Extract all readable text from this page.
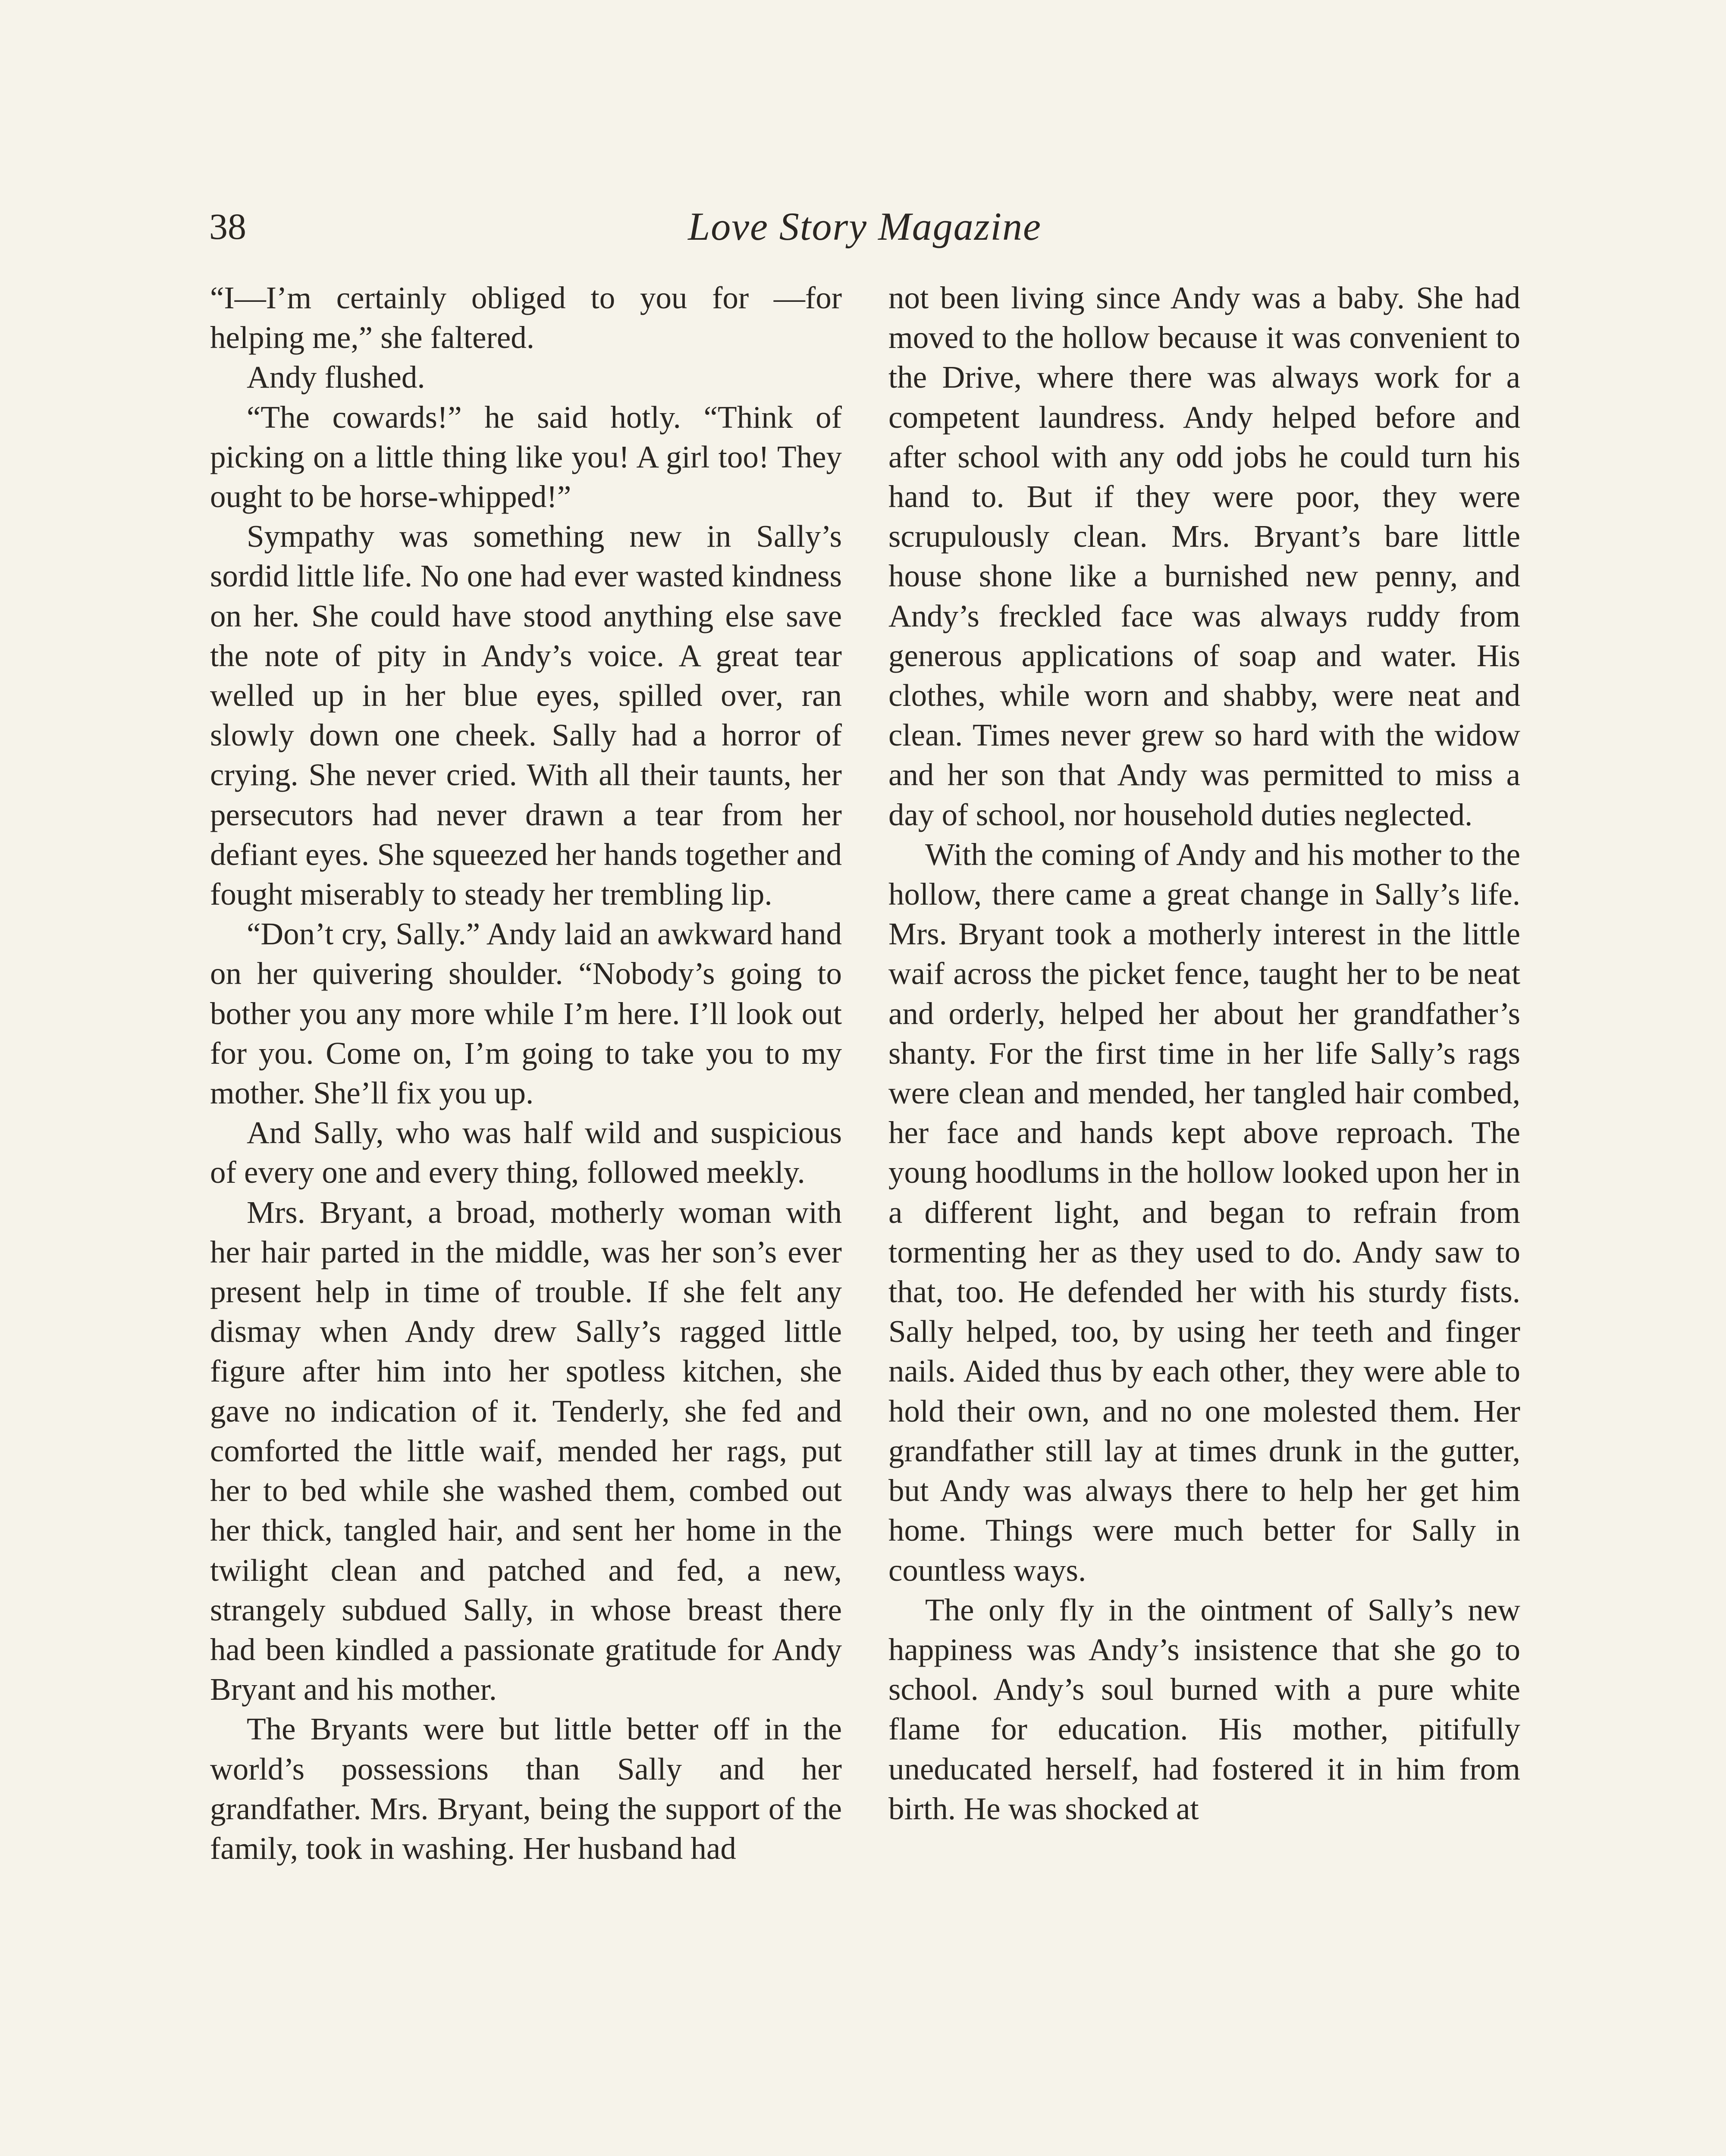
38	Love Story Magazine

“I—I’m certainly obliged to you for —for helping me,” she faltered.

Andy flushed.

“The cowards!” he said hotly. “Think of picking on a little thing like you! A girl too! They ought to be horse-whipped!”

Sympathy was something new in Sally’s sordid little life. No one had ever wasted kindness on her. She could have stood anything else save the note of pity in Andy’s voice. A great tear welled up in her blue eyes, spilled over, ran slowly down one cheek. Sally had a horror of crying. She never cried. With all their taunts, her persecutors had never drawn a tear from her defiant eyes. She squeezed her hands together and fought miserably to steady her trembling lip.

“Don’t cry, Sally.” Andy laid an awkward hand on her quivering shoulder. “Nobody’s going to bother you any more while I’m here. I’ll look out for you. Come on, I’m going to take you to my mother. She’ll fix you up.

And Sally, who was half wild and suspicious of every one and every thing, followed meekly.

Mrs. Bryant, a broad, motherly woman with her hair parted in the middle, was her son’s ever present help in time of trouble. If she felt any dismay when Andy drew Sally’s ragged little figure after him into her spotless kitchen, she gave no indication of it. Tenderly, she fed and comforted the little waif, mended her rags, put her to bed while she washed them, combed out her thick, tangled hair, and sent her home in the twilight clean and patched and fed, a new, strangely subdued Sally, in whose breast there had been kindled a passionate gratitude for Andy Bryant and his mother.

The Bryants were but little better off in the world’s possessions than Sally and her grandfather. Mrs. Bryant, being the support of the family, took in washing. Her husband had

not been living since Andy was a baby. She had moved to the hollow because it was convenient to the Drive, where there was always work for a competent laundress. Andy helped before and after school with any odd jobs he could turn his hand to. But if they were poor, they were scrupulously clean. Mrs. Bryant’s bare little house shone like a burnished new penny, and Andy’s freckled face was always ruddy from generous applications of soap and water. His clothes, while worn and shabby, were neat and clean. Times never grew so hard with the widow and her son that Andy was permitted to miss a day of school, nor household duties neglected.

With the coming of Andy and his mother to the hollow, there came a great change in Sally’s life. Mrs. Bryant took a motherly interest in the little waif across the picket fence, taught her to be neat and orderly, helped her about her grandfather’s shanty. For the first time in her life Sally’s rags were clean and mended, her tangled hair combed, her face and hands kept above reproach. The young hoodlums in the hollow looked upon her in a different light, and began to refrain from tormenting her as they used to do. Andy saw to that, too. He defended her with his sturdy fists. Sally helped, too, by using her teeth and finger nails. Aided thus by each other, they were able to hold their own, and no one molested them. Her grandfather still lay at times drunk in the gutter, but Andy was always there to help her get him home. Things were much better for Sally in countless ways.

The only fly in the ointment of Sally’s new happiness was Andy’s insistence that she go to school. Andy’s soul burned with a pure white flame for education. His mother, pitifully uneducated herself, had fostered it in him from birth. He was shocked at
